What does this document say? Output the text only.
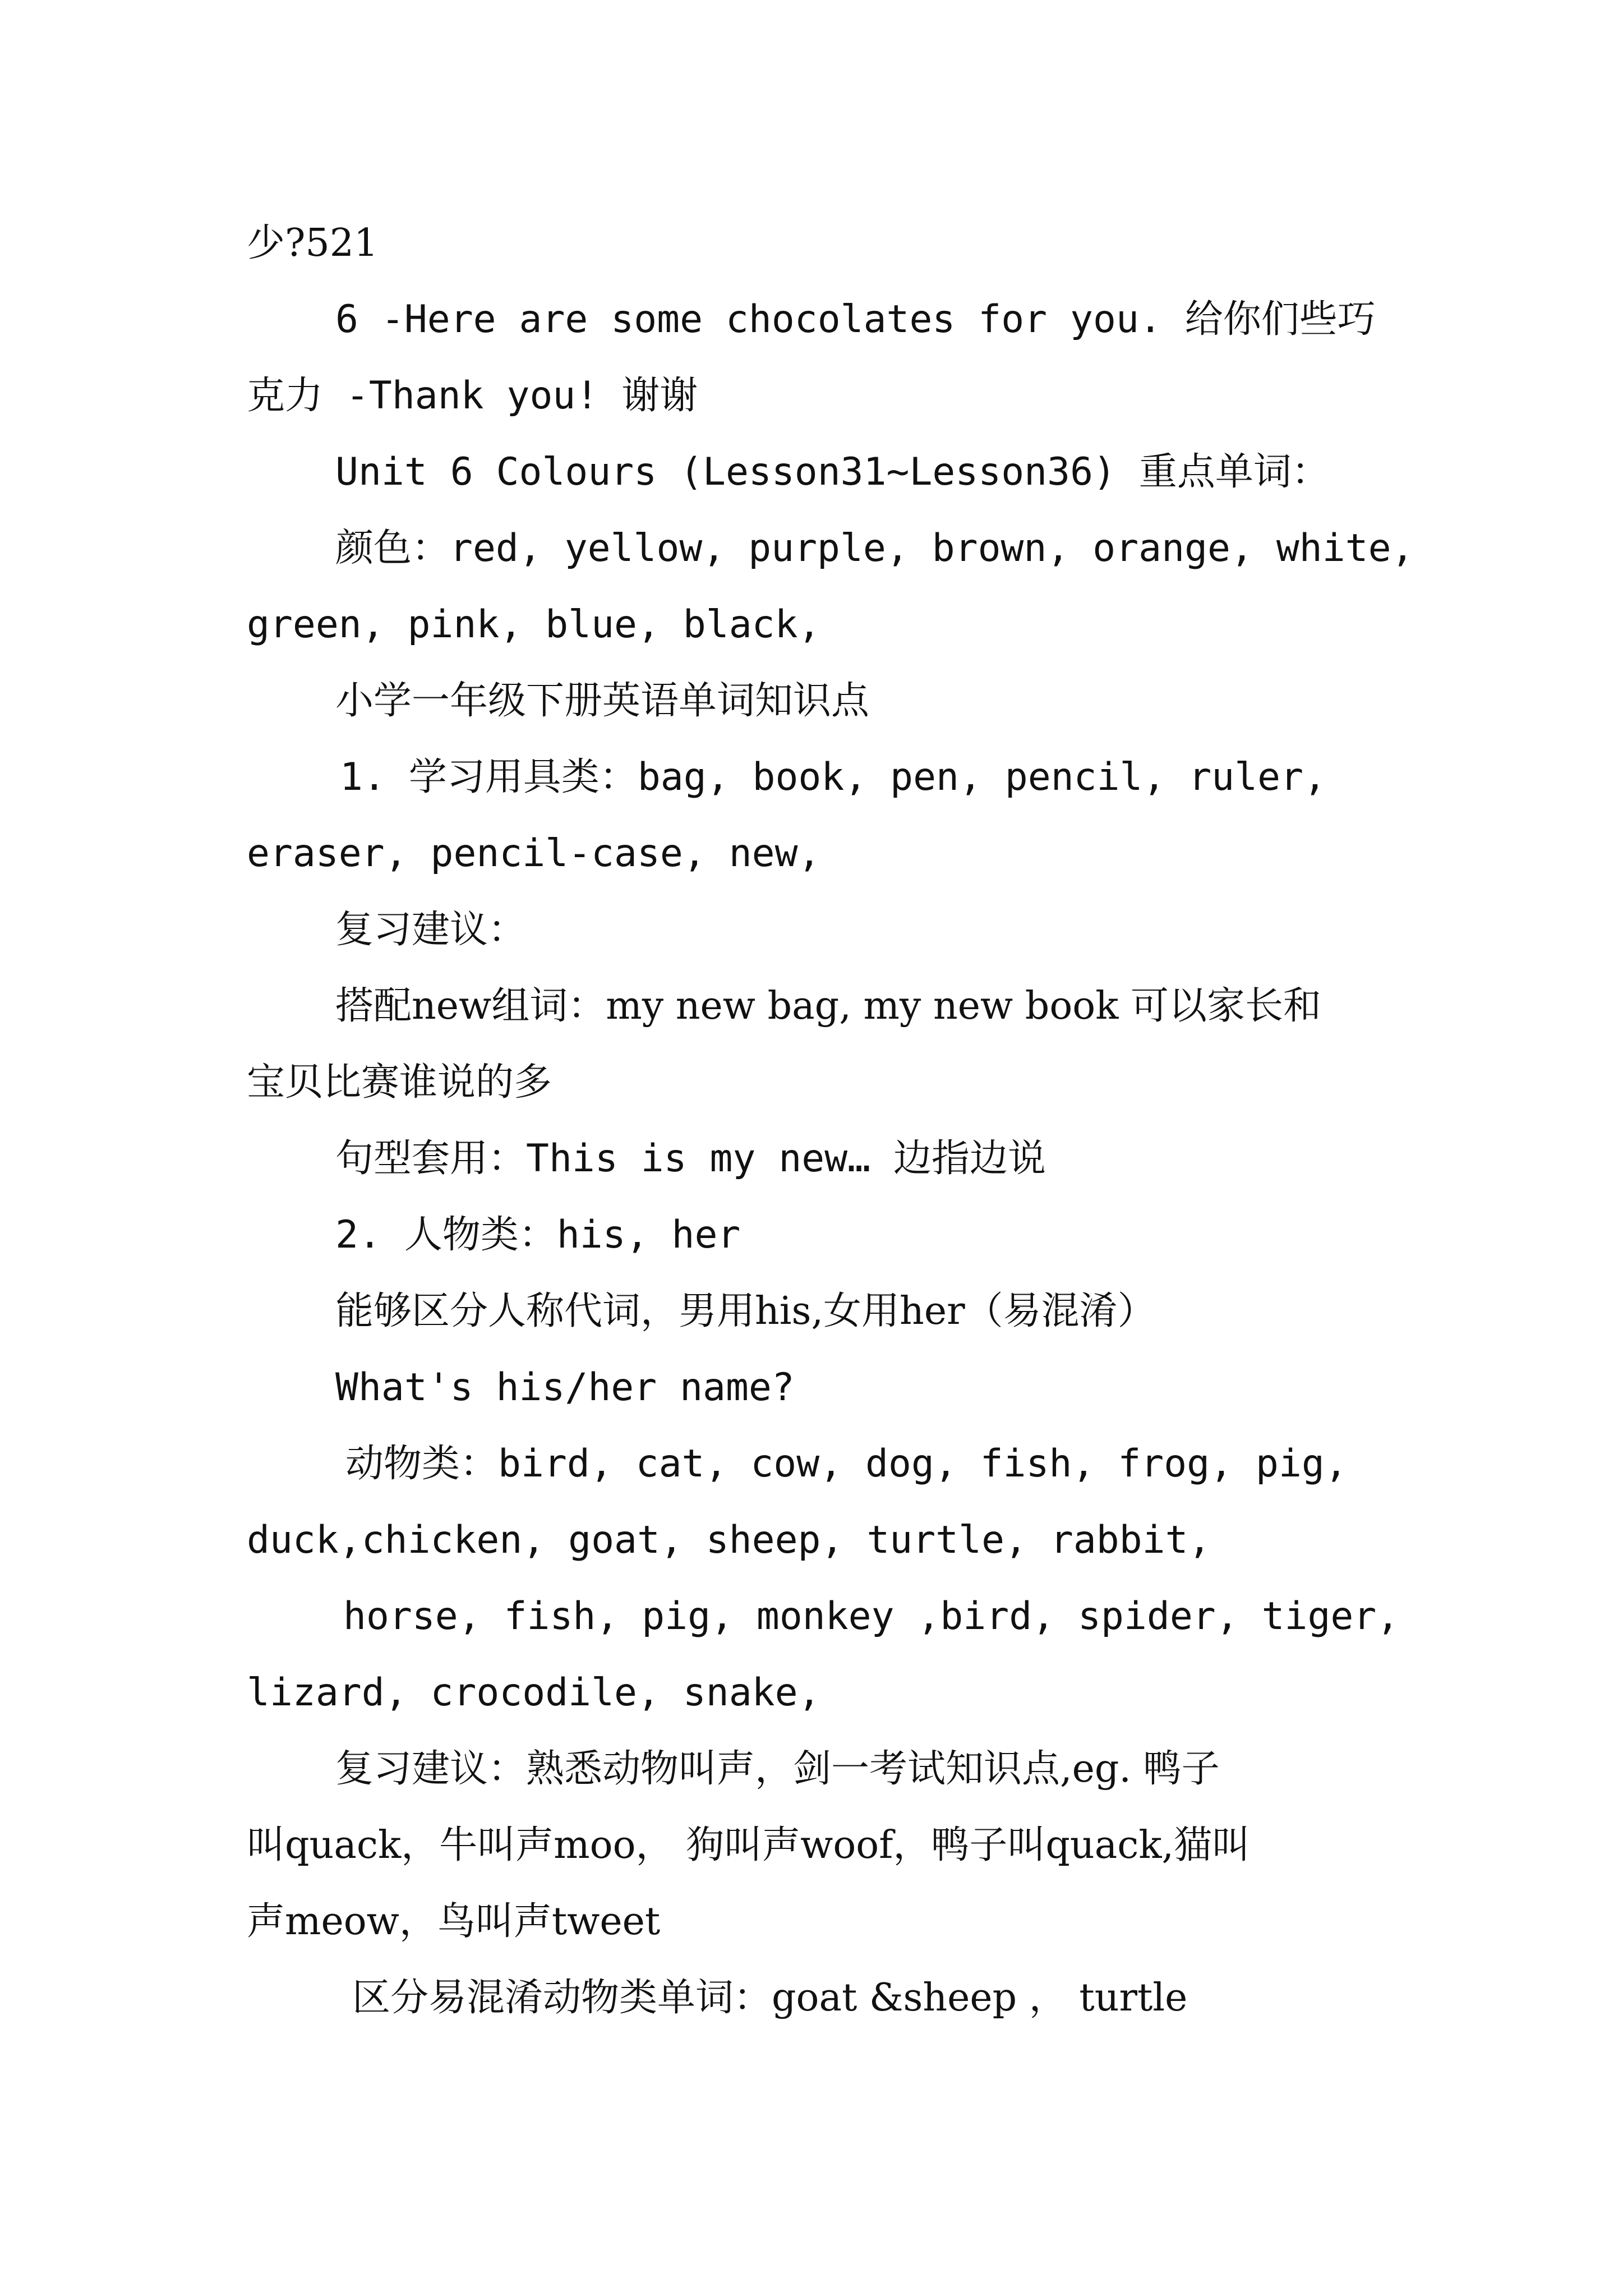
少?521
6 -Here are some chocolates for you. 给你们些巧
克力 -Thank you! 谢谢
Unit 6 Colours (Lesson31~Lesson36) 重点单词：
颜色：red, yellow, purple, brown, orange, white,
green, pink, blue, black,
小学一年级下册英语单词知识点
1. 学习用具类：bag, book, pen, pencil, ruler,
eraser, pencil-case, new,
复习建议：
搭配new组词：my new bag, my new book 可以家长和
宝贝比赛谁说的多
句型套用：This is my new… 边指边说
2. 人物类：his, her
能够区分人称代词，男用his,女用her（易混淆）
What's his/her name?
动物类：bird, cat, cow, dog, fish, frog, pig,
duck,chicken, goat, sheep, turtle, rabbit,
horse, fish, pig, monkey ,bird, spider, tiger,
lizard, crocodile, snake,
复习建议：熟悉动物叫声，剑一考试知识点,eg. 鸭子
叫quack，牛叫声moo， 狗叫声woof，鸭子叫quack,猫叫
声meow，鸟叫声tweet
区分易混淆动物类单词：goat &sheep ， turtle
